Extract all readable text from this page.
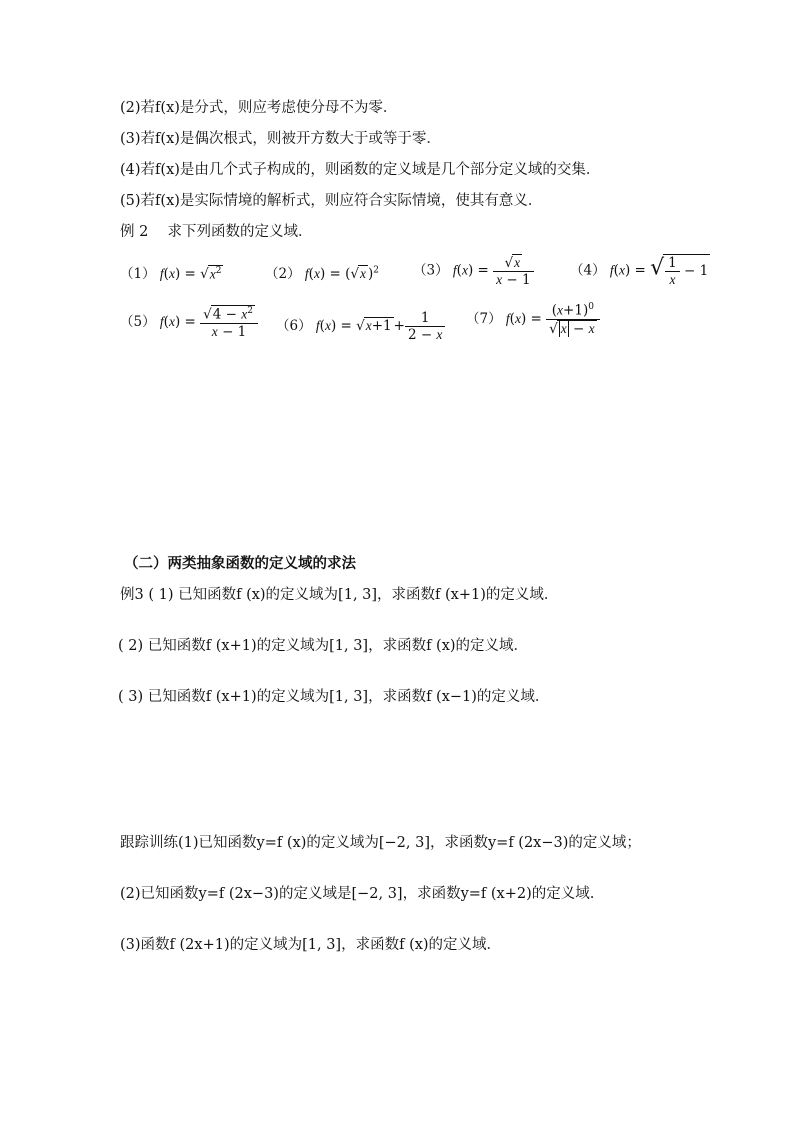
(2)若f(x)是分式，则应考虑使分母不为零．
(3)若f(x)是偶次根式，则被开方数大于或等于零．
(4)若f(x)是由几个式子构成的，则函数的定义域是几个部分定义域的交集．
(5)若f(x)是实际情境的解析式，则应符合实际情境，使其有意义．
例 2　 求下列函数的定义域．
（1） $f(x) = √x^2$	（2） f(x) = (√x )$^2$	（3） $f(x) = \frac{√x}{x - 1}$	（4） f(x) = √ $\frac{1}{x} - 1$
（5） $f(x) = \frac{√4 - x^2}{x - 1} (6) f(x) = √x+1 + \frac{1}{2 - x} (7) f(x) = \frac{(x+1)^0}{√ x - x}$
（二）两类抽象函数的定义域的求法
例3 ( 1) 已知函数f (x)的定义域为[1, 3]，求函数f (x+1)的定义域．
( 2) 已知函数f (x+1)的定义域为[1, 3]，求函数f (x)的定义域．
( 3) 已知函数f (x+1)的定义域为[1, 3]，求函数f (x−1)的定义域．
跟踪训练(1)已知函数y=f (x)的定义域为[−2, 3]，求函数y=f (2x−3)的定义域；
(2)已知函数y=f (2x−3)的定义域是[−2, 3]，求函数y=f (x+2)的定义域.
(3)函数f (2x+1)的定义域为[1, 3]，求函数f (x)的定义域．
